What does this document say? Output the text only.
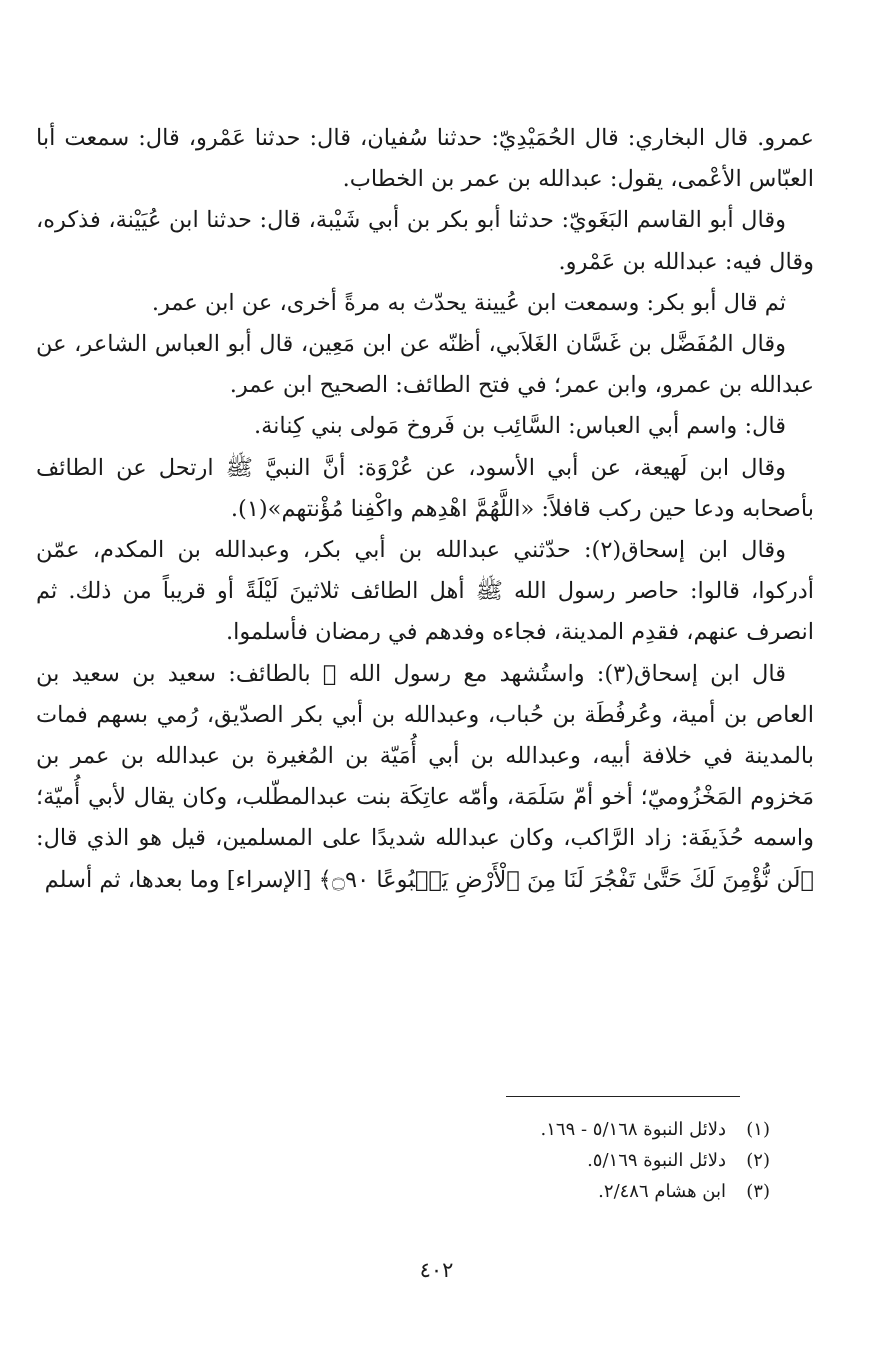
عمرو. قال البخاري: قال الحُمَيْدِيّ: حدثنا سُفيان، قال: حدثنا عَمْرو، قال: سمعت أبا العبّاس الأعْمى، يقول: عبدالله بن عمر بن الخطاب.

وقال أبو القاسم البَغَويّ: حدثنا أبو بكر بن أبي شَيْبة، قال: حدثنا ابن عُيَيْنة، فذكره، وقال فيه: عبدالله بن عَمْرو.

ثم قال أبو بكر: وسمعت ابن عُيينة يحدّث به مرةً أخرى، عن ابن عمر.

وقال المُفَضَّل بن غَسَّان الغَلاَبي، أظنّه عن ابن مَعِين، قال أبو العباس الشاعر، عن عبدالله بن عمرو، وابن عمر؛ في فتح الطائف: الصحيح ابن عمر.

قال: واسم أبي العباس: السَّائِب بن فَروخ مَولى بني كِنانة.

وقال ابن لَهيعة، عن أبي الأسود، عن عُرْوَة: أنَّ النبيَّ ﷺ ارتحل عن الطائف بأصحابه ودعا حين ركب قافلاً: «اللَّهُمَّ اهْدِهم واكْفِنا مُؤْنتهم»(١).

وقال ابن إسحاق(٢): حدّثني عبدالله بن أبي بكر، وعبدالله بن المكدم، عمّن أدركوا، قالوا: حاصر رسول الله ﷺ أهل الطائف ثلاثينَ لَيْلَةً أو قريباً من ذلك. ثم انصرف عنهم، فقدِم المدينة، فجاءه وفدهم في رمضان فأسلموا.

قال ابن إسحاق(٣): واستُشهد مع رسول الله ﷺ بالطائف: سعيد بن سعيد بن العاص بن أمية، وعُرفُطَة بن حُباب، وعبدالله بن أبي بكر الصدّيق، رُمي بسهم فمات بالمدينة في خلافة أبيه، وعبدالله بن أبي أُمَيّة بن المُغيرة بن عبدالله بن عمر بن مَخزوم المَخْزُوميّ؛ أخو أمّ سَلَمَة، وأمّه عاتِكَة بنت عبدالمطّلب، وكان يقال لأبي أُميّة؛ واسمه حُذَيفَة: زاد الرَّاكب، وكان عبدالله شديدًا على المسلمين، قيل هو الذي قال: ﴿لَن نُّؤْمِنَ لَكَ حَتَّىٰ تَفْجُرَ لَنَا مِنَ ٱلْأَرْضِ يَنۢبُوعًا ۝٩٠﴾ [الإسراء] وما بعدها، ثم أسلم

(١)دلائل النبوة ٥/١٦٨ - ١٦٩.
(٢)دلائل النبوة ٥/١٦٩.
(٣)ابن هشام ٢/٤٨٦.
٤٠٢
